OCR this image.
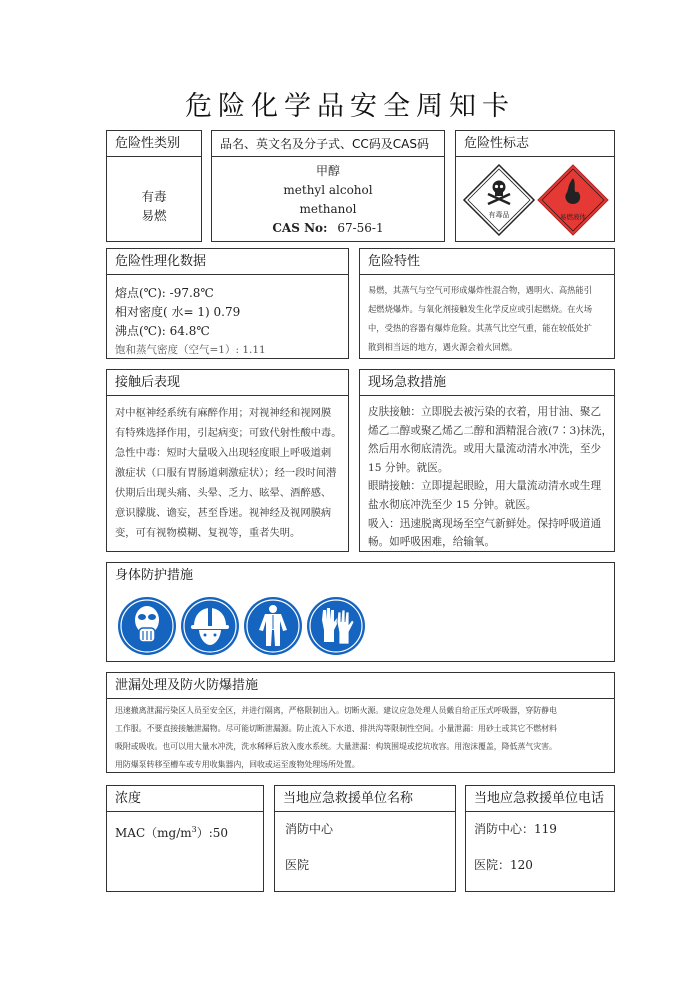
危险化学品安全周知卡
危险性类别
有毒
易燃
品名、英文名及分子式、CC码及CAS码
甲醇
methyl alcohol
methanol
CAS No: 67-56-1
危险性标志
有毒品	易燃液体
危险性理化数据
熔点(℃): -97.8℃
相对密度( 水= 1) 0.79
沸点(℃): 64.8℃
饱和蒸气密度（空气=1）: 1.11
危险特性
易燃，其蒸气与空气可形成爆炸性混合物，遇明火、高热能引
起燃烧爆炸。与氧化剂接触发生化学反应或引起燃烧。在火场
中，受热的容器有爆炸危险。其蒸气比空气重，能在较低处扩
散到相当远的地方，遇火源会着火回燃。
接触后表现
对中枢神经系统有麻醉作用；对视神经和视网膜
有特殊选择作用，引起病变；可致代射性酸中毒。
急性中毒：短时大量吸入出现轻度眼上呼吸道刺
激症状（口服有胃肠道刺激症状）；经一段时间潜
伏期后出现头痛、头晕、乏力、眩晕、酒醉感、
意识朦胧、谵妄，甚至昏迷。视神经及视网膜病
变，可有视物模糊、复视等，重者失明。
现场急救措施
皮肤接触：立即脱去被污染的衣着，用甘油、聚乙
烯乙二醇或聚乙烯乙二醇和酒精混合液(7∶3)抹洗，
然后用水彻底清洗。或用大量流动清水冲洗，至少
15 分钟。就医。
眼睛接触：立即提起眼睑，用大量流动清水或生理
盐水彻底冲洗至少 15 分钟。就医。
吸入：迅速脱离现场至空气新鲜处。保持呼吸道通
畅。如呼吸困难，给输氧。
身体防护措施
泄漏处理及防火防爆措施
迅速撤离泄漏污染区人员至安全区，并进行隔离，严格限制出入。切断火源。建议应急处理人员戴自给正压式呼吸器，穿防静电
工作服。不要直接接触泄漏物。尽可能切断泄漏源。防止流入下水道、排洪沟等限制性空间。小量泄漏：用砂土或其它不燃材料
吸附或吸收。也可以用大量水冲洗，洗水稀释后放入废水系统。大量泄漏：构筑围堤或挖坑收容。用泡沫覆盖，降低蒸气灾害。
用防爆泵转移至槽车或专用收集器内，回收或运至废物处理场所处置。
浓度
$MAC(mg/m^3):50$
当地应急救援单位名称
消防中心
医院
当地应急救援单位电话
消防中心：119
医院：120
